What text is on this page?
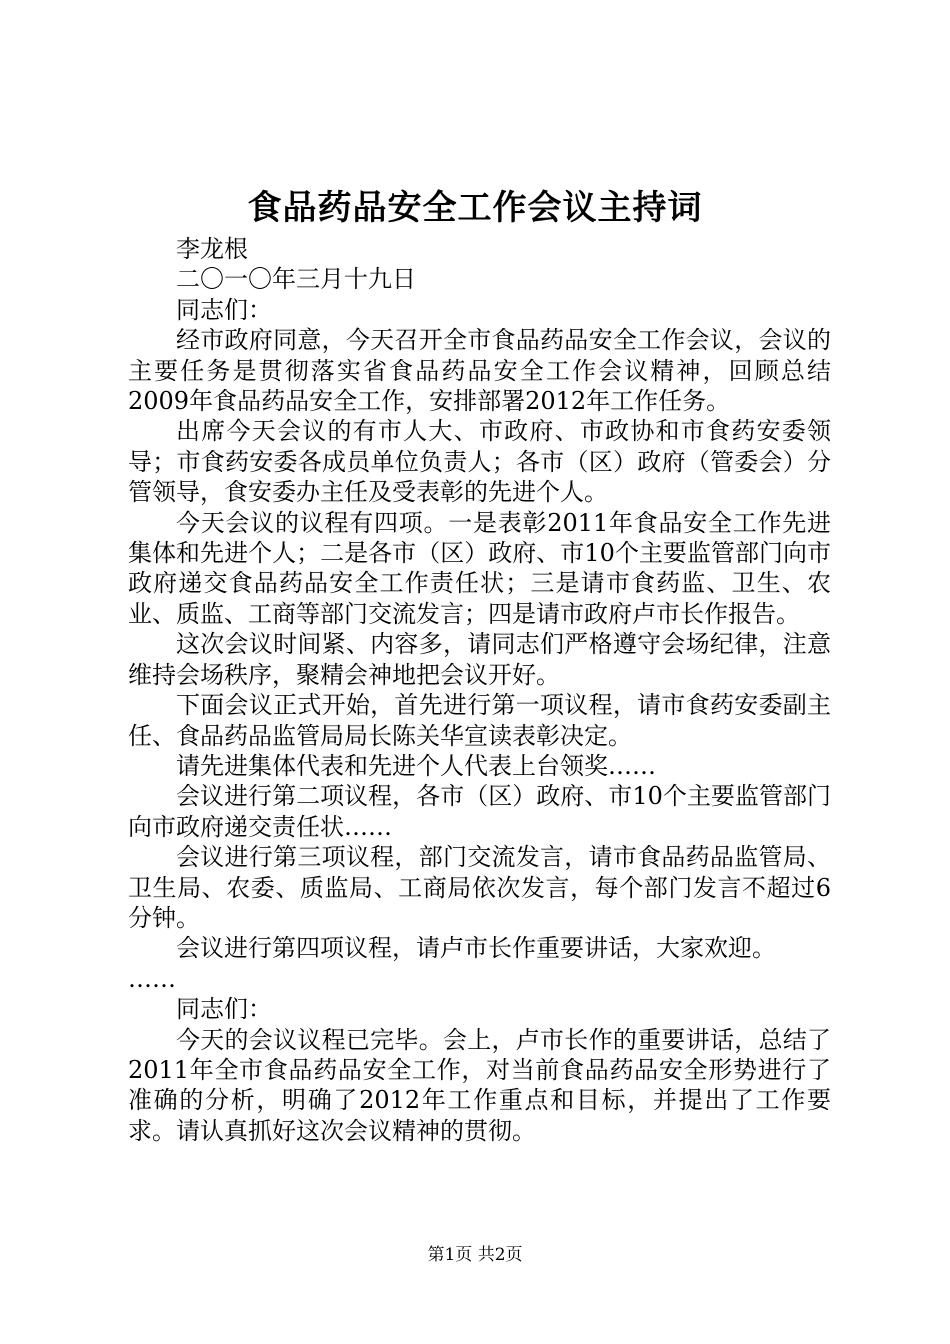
食品药品安全工作会议主持词

李龙根

二〇一〇年三月十九日

同志们：

经市政府同意，今天召开全市食品药品安全工作会议，会议的主要任务是贯彻落实省食品药品安全工作会议精神，回顾总结2009年食品药品安全工作，安排部署2012年工作任务。

出席今天会议的有市人大、市政府、市政协和市食药安委领导；市食药安委各成员单位负责人；各市（区）政府（管委会）分管领导，食安委办主任及受表彰的先进个人。

今天会议的议程有四项。一是表彰2011年食品安全工作先进集体和先进个人；二是各市（区）政府、市10个主要监管部门向市政府递交食品药品安全工作责任状；三是请市食药监、卫生、农业、质监、工商等部门交流发言；四是请市政府卢市长作报告。

这次会议时间紧、内容多，请同志们严格遵守会场纪律，注意维持会场秩序，聚精会神地把会议开好。

下面会议正式开始，首先进行第一项议程，请市食药安委副主任、食品药品监管局局长陈关华宣读表彰决定。

请先进集体代表和先进个人代表上台领奖……

会议进行第二项议程，各市（区）政府、市10个主要监管部门向市政府递交责任状……

会议进行第三项议程，部门交流发言，请市食品药品监管局、卫生局、农委、质监局、工商局依次发言，每个部门发言不超过6分钟。

会议进行第四项议程，请卢市长作重要讲话，大家欢迎。

……

同志们：

今天的会议议程已完毕。会上，卢市长作的重要讲话，总结了2011年全市食品药品安全工作，对当前食品药品安全形势进行了准确的分析，明确了2012年工作重点和目标，并提出了工作要求。请认真抓好这次会议精神的贯彻。

第1页 共2页
